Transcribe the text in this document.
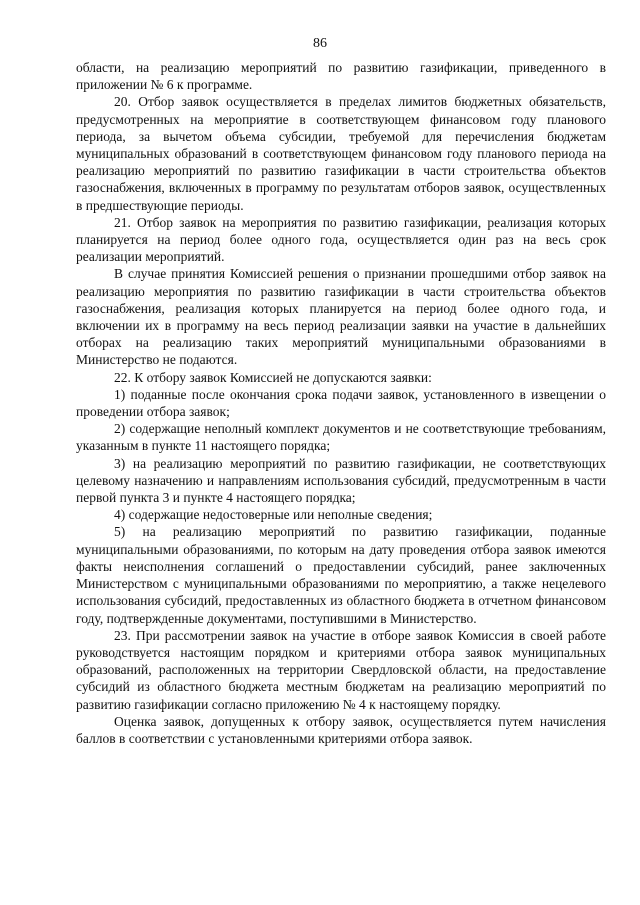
86

области, на реализацию мероприятий по развитию газификации, приведенного в приложении № 6 к программе.

20. Отбор заявок осуществляется в пределах лимитов бюджетных обязательств, предусмотренных на мероприятие в соответствующем финансовом году планового периода, за вычетом объема субсидии, требуемой для перечисления бюджетам муниципальных образований в соответствующем финансовом году планового периода на реализацию мероприятий по развитию газификации в части строительства объектов газоснабжения, включенных в программу по результатам отборов заявок, осуществленных в предшествующие периоды.

21. Отбор заявок на мероприятия по развитию газификации, реализация которых планируется на период более одного года, осуществляется один раз на весь срок реализации мероприятий.

В случае принятия Комиссией решения о признании прошедшими отбор заявок на реализацию мероприятия по развитию газификации в части строительства объектов газоснабжения, реализация которых планируется на период более одного года, и включении их в программу на весь период реализации заявки на участие в дальнейших отборах на реализацию таких мероприятий муниципальными образованиями в Министерство не подаются.

22. К отбору заявок Комиссией не допускаются заявки:

1) поданные после окончания срока подачи заявок, установленного в извещении о проведении отбора заявок;

2) содержащие неполный комплект документов и не соответствующие требованиям, указанным в пункте 11 настоящего порядка;

3) на реализацию мероприятий по развитию газификации, не соответствующих целевому назначению и направлениям использования субсидий, предусмотренным в части первой пункта 3 и пункте 4 настоящего порядка;

4) содержащие недостоверные или неполные сведения;

5) на реализацию мероприятий по развитию газификации, поданные муниципальными образованиями, по которым на дату проведения отбора заявок имеются факты неисполнения соглашений о предоставлении субсидий, ранее заключенных Министерством с муниципальными образованиями по мероприятию, а также нецелевого использования субсидий, предоставленных из областного бюджета в отчетном финансовом году, подтвержденные документами, поступившими в Министерство.

23. При рассмотрении заявок на участие в отборе заявок Комиссия в своей работе руководствуется настоящим порядком и критериями отбора заявок муниципальных образований, расположенных на территории Свердловской области, на предоставление субсидий из областного бюджета местным бюджетам на реализацию мероприятий по развитию газификации согласно приложению № 4 к настоящему порядку.

Оценка заявок, допущенных к отбору заявок, осуществляется путем начисления баллов в соответствии с установленными критериями отбора заявок.
